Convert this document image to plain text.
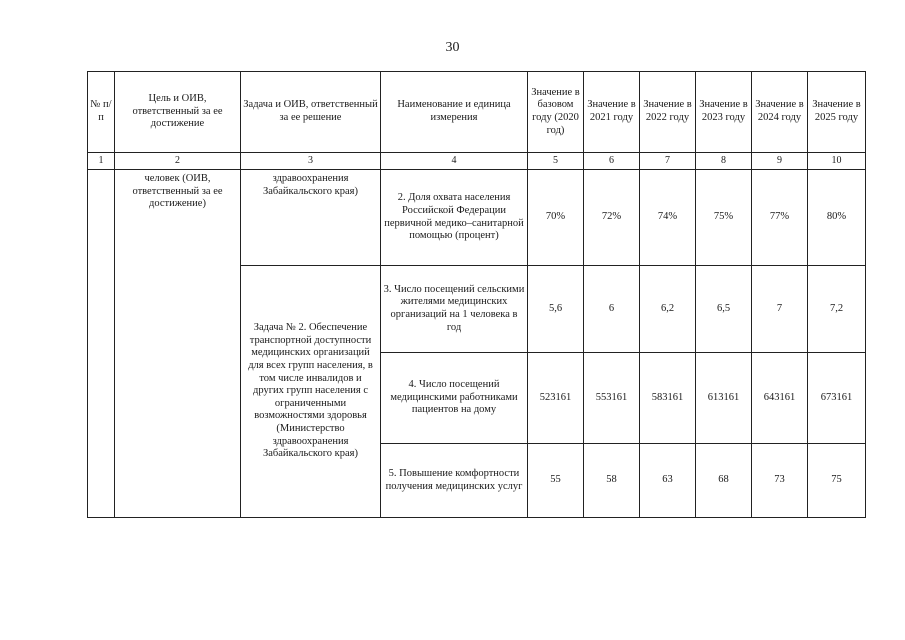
30
№ п/п	Цель и ОИВ, ответственный за ее достижение	Задача и ОИВ, ответственный за ее решение	Наименование и единица измерения	Значение в базовом году (2020 год)	Значение в 2021 году	Значение в 2022 году	Значение в 2023 году	Значение в 2024 году	Значение в 2025 году
1	2	3	4	5	6	7	8	9	10
	человек (ОИВ, ответственный за ее достижение)	здравоохранения Забайкальского края)	2. Доля охвата населения Российской Федерации первичной медико–санитарной помощью (процент)	70%	72%	74%	75%	77%	80%
		Задача № 2. Обеспечение транспортной доступности медицинских организаций для всех групп населения, в том числе инвалидов и других групп населения с ограниченными возможностями здоровья (Министерство здравоохранения Забайкальского края)	3. Число посещений сельскими жителями медицинских организаций на 1 человека в год	5,6	6	6,2	6,5	7	7,2
			4. Число посещений медицинскими работниками пациентов на дому	523161	553161	583161	613161	643161	673161
			5. Повышение комфортности получения медицинских услуг	55	58	63	68	73	75
